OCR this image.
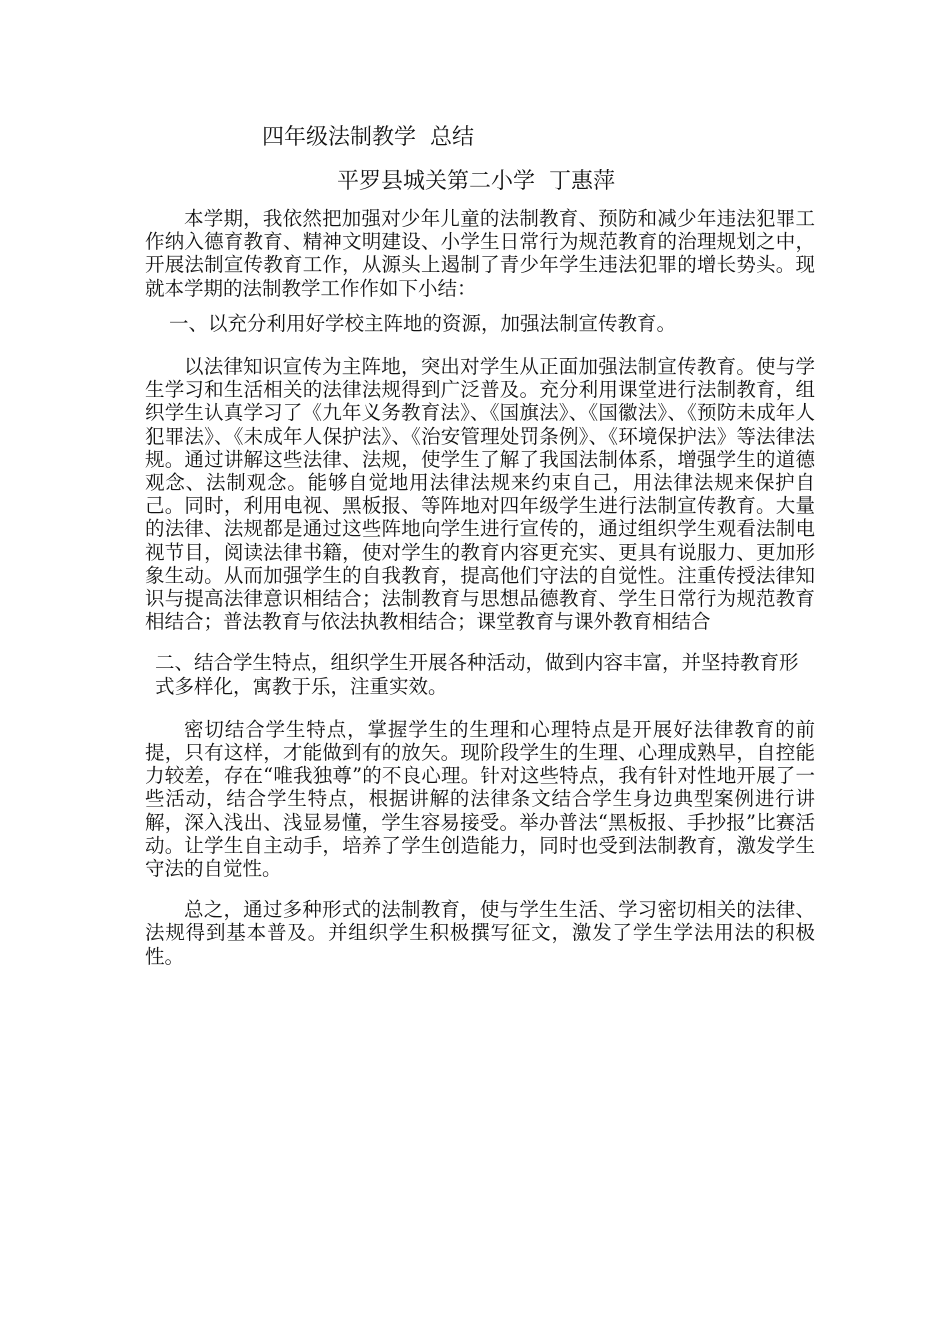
四年级法制教学  总结
平罗县城关第二小学  丁惠萍

本学期，我依然把加强对少年儿童的法制教育、预防和减少年违法犯罪工作纳入德育教育、精神文明建设、小学生日常行为规范教育的治理规划之中，开展法制宣传教育工作，从源头上遏制了青少年学生违法犯罪的增长势头。现就本学期的法制教学工作作如下小结：

一、以充分利用好学校主阵地的资源，加强法制宣传教育。

以法律知识宣传为主阵地，突出对学生从正面加强法制宣传教育。使与学生学习和生活相关的法律法规得到广泛普及。充分利用课堂进行法制教育，组织学生认真学习了《九年义务教育法》、《国旗法》、《国徽法》、《预防未成年人犯罪法》、《未成年人保护法》、《治安管理处罚条例》、《环境保护法》等法律法规。通过讲解这些法律、法规，使学生了解了我国法制体系，增强学生的道德观念、法制观念。能够自觉地用法律法规来约束自己，用法律法规来保护自己。同时，利用电视、黑板报、等阵地对四年级学生进行法制宣传教育。大量的法律、法规都是通过这些阵地向学生进行宣传的，通过组织学生观看法制电视节目，阅读法律书籍，使对学生的教育内容更充实、更具有说服力、更加形象生动。从而加强学生的自我教育，提高他们守法的自觉性。注重传授法律知识与提高法律意识相结合；法制教育与思想品德教育、学生日常行为规范教育相结合；普法教育与依法执教相结合；课堂教育与课外教育相结合

二、结合学生特点，组织学生开展各种活动，做到内容丰富，并坚持教育形式多样化，寓教于乐，注重实效。

密切结合学生特点，掌握学生的生理和心理特点是开展好法律教育的前提，只有这样，才能做到有的放矢。现阶段学生的生理、心理成熟早，自控能力较差，存在“唯我独尊”的不良心理。针对这些特点，我有针对性地开展了一些活动，结合学生特点，根据讲解的法律条文结合学生身边典型案例进行讲解，深入浅出、浅显易懂，学生容易接受。举办普法“黑板报、手抄报”比赛活动。让学生自主动手，培养了学生创造能力，同时也受到法制教育，激发学生守法的自觉性。

总之，通过多种形式的法制教育，使与学生生活、学习密切相关的法律、法规得到基本普及。并组织学生积极撰写征文，激发了学生学法用法的积极性。
